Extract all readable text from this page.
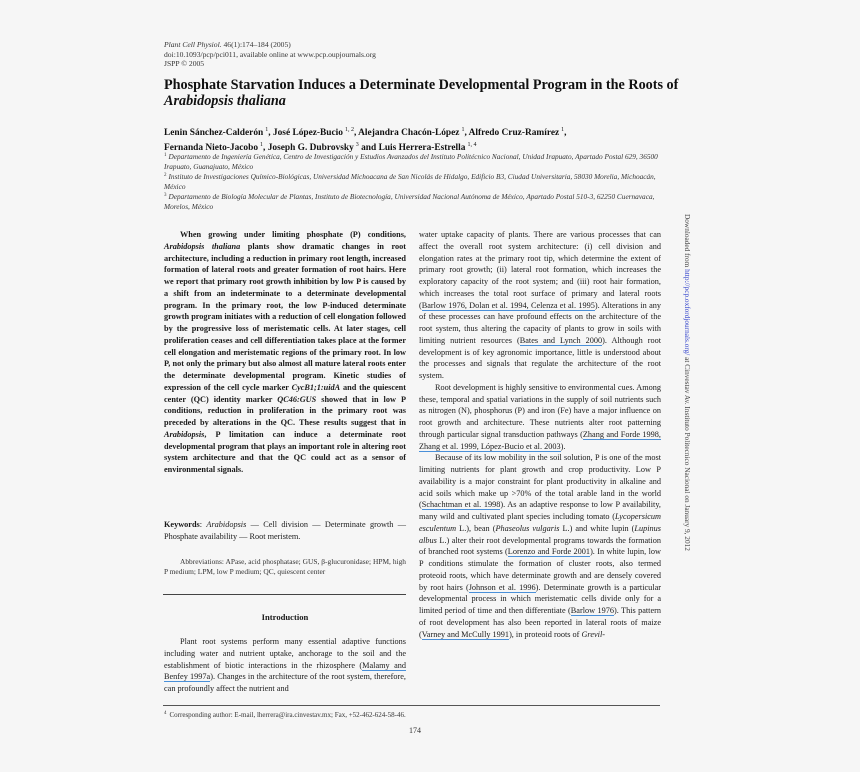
Plant Cell Physiol. 46(1):174–184 (2005)
doi:10.1093/pcp/pci011, available online at www.pcp.oupjournals.org
JSPP © 2005
Phosphate Starvation Induces a Determinate Developmental Program in the Roots of Arabidopsis thaliana
Lenin Sánchez-Calderón $^1$, José López-Bucio $^{1, 2}$, Alejandra Chacón-López $^1$, Alfredo Cruz-Ramírez $^1$,
Fernanda Nieto-Jacobo $^1$, Joseph G. Dubrovsky $^3$ and Luis Herrera-Estrella $^{1, 4}$
$^1$ Departamento de Ingeniería Genética, Centro de Investigación y Estudios Avanzados del Instituto Politécnico Nacional, Unidad Irapuato, Apartado Postal 629, 36500 Irapuato, Guanajuato, México
$^2$ Instituto de Investigaciones Químico-Biológicas, Universidad Michoacana de San Nicolás de Hidalgo, Edificio B3, Ciudad Universitaria, 58030 Morelia, Michoacán, México
$^3$ Departamento de Biología Molecular de Plantas, Instituto de Biotecnología, Universidad Nacional Autónoma de México, Apartado Postal 510-3, 62250 Cuernavaca, Morelos, México

When growing under limiting phosphate (P) conditions, Arabidopsis thaliana plants show dramatic changes in root architecture, including a reduction in primary root length, increased formation of lateral roots and greater formation of root hairs. Here we report that primary root growth inhibition by low P is caused by a shift from an indeterminate to a determinate developmental program. In the primary root, the low P-induced determinate growth program initiates with a reduction of cell elongation followed by the progressive loss of meristematic cells. At later stages, cell proliferation ceases and cell differentiation takes place at the former cell elongation and meristematic regions of the primary root. In low P, not only the primary but also almost all mature lateral roots enter the determinate developmental program. Kinetic studies of expression of the cell cycle marker CycB1;1:uidA and the quiescent center (QC) identity marker QC46:GUS showed that in low P conditions, reduction in proliferation in the primary root was preceded by alterations in the QC. These results suggest that in Arabidopsis, P limitation can induce a determinate root developmental program that plays an important role in altering root system architecture and that the QC could act as a sensor of environmental signals.

Keywords: Arabidopsis — Cell division — Determinate growth — Phosphate availability — Root meristem.
Abbreviations: APase, acid phosphatase; GUS, β-glucuronidase; HPM, high P medium; LPM, low P medium; QC, quiescent center
Introduction

Plant root systems perform many essential adaptive functions including water and nutrient uptake, anchorage to the soil and the establishment of biotic interactions in the rhizosphere (Malamy and Benfey 1997a). Changes in the architecture of the root system, therefore, can profoundly affect the nutrient and

water uptake capacity of plants. There are various processes that can affect the overall root system architecture: (i) cell division and elongation rates at the primary root tip, which determine the extent of primary root growth; (ii) lateral root formation, which increases the exploratory capacity of the root system; and (iii) root hair formation, which increases the total root surface of primary and lateral roots (Barlow 1976, Dolan et al. 1994, Celenza et al. 1995). Alterations in any of these processes can have profound effects on the architecture of the root system, thus altering the capacity of plants to grow in soils with limiting nutrient resources (Bates and Lynch 2000). Although root development is of key agronomic importance, little is understood about the processes and signals that regulate the architecture of the root system.

Root development is highly sensitive to environmental cues. Among these, temporal and spatial variations in the supply of soil nutrients such as nitrogen (N), phosphorus (P) and iron (Fe) have a major influence on root growth and architecture. These nutrients alter root patterning through particular signal transduction pathways (Zhang and Forde 1998, Zhang et al. 1999, López-Bucio et al. 2003).

Because of its low mobility in the soil solution, P is one of the most limiting nutrients for plant growth and crop productivity. Low P availability is a major constraint for plant productivity in alkaline and acid soils which make up >70% of the total arable land in the world (Schachtman et al. 1998). As an adaptive response to low P availability, many wild and cultivated plant species including tomato (Lycopersicum esculentum L.), bean (Phaseolus vulgaris L.) and white lupin (Lupinus albus L.) alter their root developmental programs towards the formation of branched root systems (Lorenzo and Forde 2001). In white lupin, low P conditions stimulate the formation of cluster roots, also termed proteoid roots, which have determinate growth and are densely covered by root hairs (Johnson et al. 1996). Determinate growth is a particular developmental process in which meristematic cells divide only for a limited period of time and then differentiate (Barlow 1976). This pattern of root development has also been reported in lateral roots of maize (Varney and McCully 1991), in proteoid roots of Grevil-

$^4$ Corresponding author: E-mail, lherrera@ira.cinvestav.mx; Fax, +52-462-624-58-46.
174
Downloaded from http://pcp.oxfordjournals.org/ at Cinvestav Av. Instituto Politecnico Nacional on January 9, 2012
